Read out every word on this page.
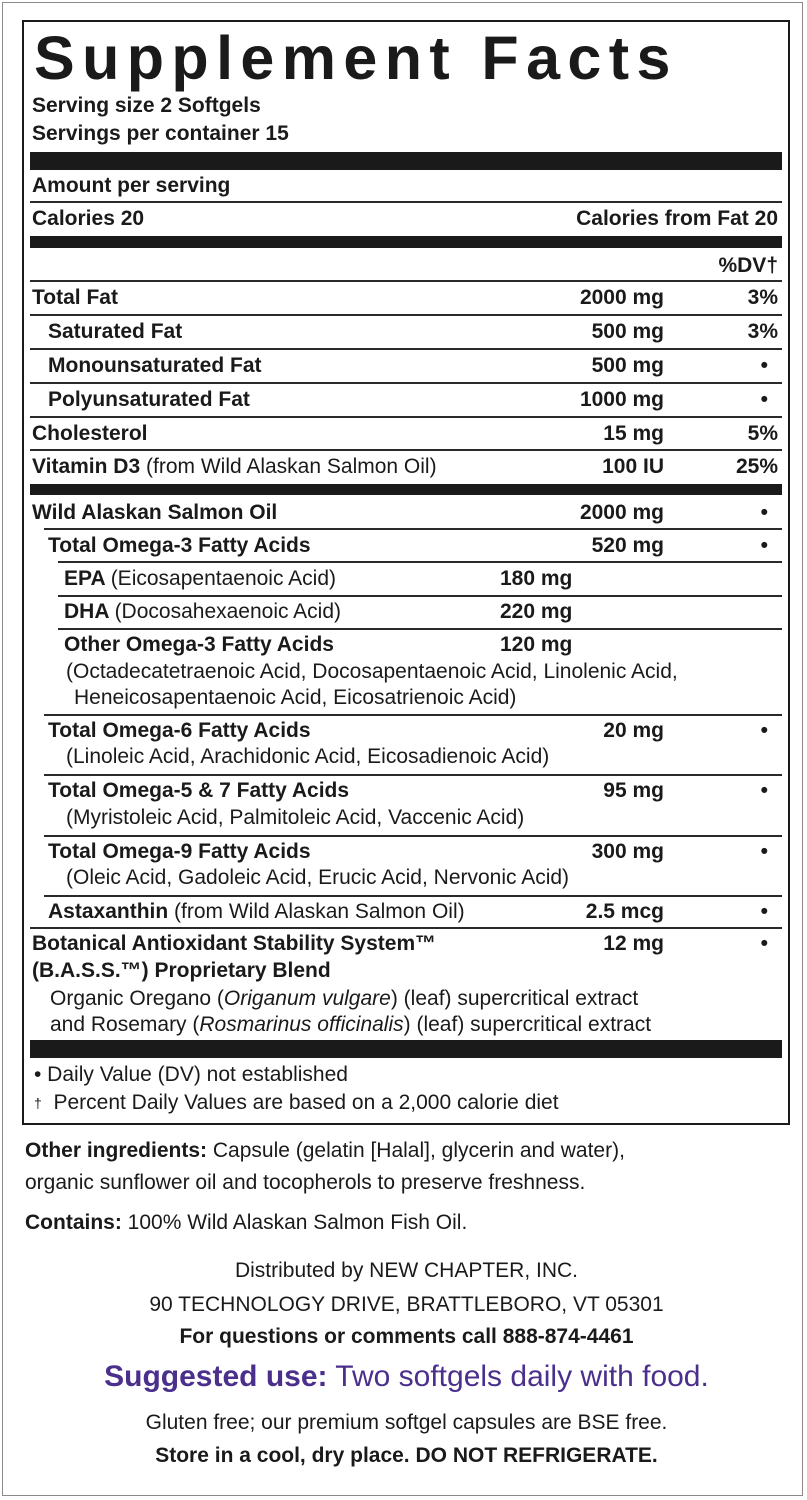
Supplement Facts
Serving size 2 Softgels
Servings per container 15
Amount per serving
Calories 20	Calories from Fat 20
%DV†
Total Fat	2000 mg	3%
Saturated Fat	500 mg	3%
Monounsaturated Fat	500 mg	•
Polyunsaturated Fat	1000 mg	•
Cholesterol	15 mg	5%
Vitamin D3 (from Wild Alaskan Salmon Oil)	100 IU	25%
Wild Alaskan Salmon Oil	2000 mg	•
Total Omega-3 Fatty Acids	520 mg	•
EPA (Eicosapentaenoic Acid)	180 mg
DHA (Docosahexaenoic Acid)	220 mg
Other Omega-3 Fatty Acids	120 mg
(Octadecatetraenoic Acid, Docosapentaenoic Acid, Linolenic Acid,
Heneicosapentaenoic Acid, Eicosatrienoic Acid)
Total Omega-6 Fatty Acids	20 mg	•
(Linoleic Acid, Arachidonic Acid, Eicosadienoic Acid)
Total Omega-5 & 7 Fatty Acids	95 mg	•
(Myristoleic Acid, Palmitoleic Acid, Vaccenic Acid)
Total Omega-9 Fatty Acids	300 mg	•
(Oleic Acid, Gadoleic Acid, Erucic Acid, Nervonic Acid)
Astaxanthin (from Wild Alaskan Salmon Oil)	2.5 mcg	•
Botanical Antioxidant Stability System™	12 mg	•
(B.A.S.S.™) Proprietary Blend
Organic Oregano (Origanum vulgare) (leaf) supercritical extract
and Rosemary (Rosmarinus officinalis) (leaf) supercritical extract
• Daily Value (DV) not established
† Percent Daily Values are based on a 2,000 calorie diet
Other ingredients: Capsule (gelatin [Halal], glycerin and water),
organic sunflower oil and tocopherols to preserve freshness.
Contains: 100% Wild Alaskan Salmon Fish Oil.
Distributed by NEW CHAPTER, INC.
90 TECHNOLOGY DRIVE, BRATTLEBORO, VT 05301
For questions or comments call 888-874-4461
Suggested use: Two softgels daily with food.
Gluten free; our premium softgel capsules are BSE free.
Store in a cool, dry place. DO NOT REFRIGERATE.
